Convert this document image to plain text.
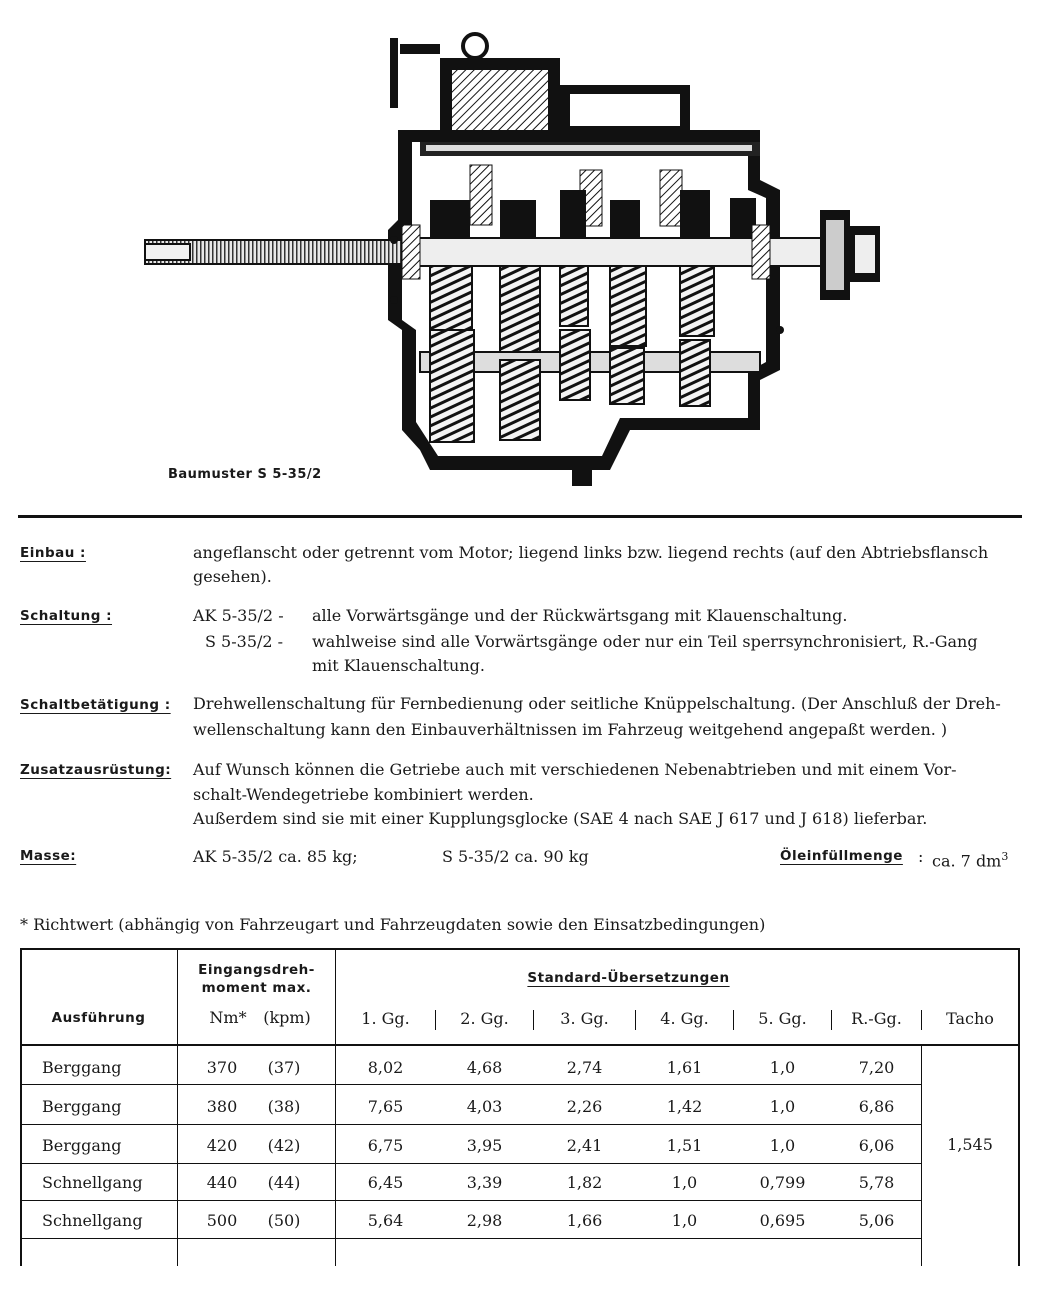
Baumuster S 5-35/2
Einbau :	angeflanscht oder getrennt vom Motor; liegend links bzw. liegend rechts (auf den Abtriebsflansch
gesehen).
Schaltung :	AK 5-35/2 - alle Vorwärtsgänge und der Rückwärtsgang mit Klauenschaltung.
S 5-35/2 - wahlweise sind alle Vorwärtsgänge oder nur ein Teil sperrsynchronisiert, R.-Gang
mit Klauenschaltung.
Schaltbetätigung : Drehwellenschaltung für Fernbedienung oder seitliche Knüppelschaltung. (Der Anschluß der Dreh-
wellenschaltung kann den Einbauverhältnissen im Fahrzeug weitgehend angepaßt werden. )
Zusatzausrüstung: Auf Wunsch können die Getriebe auch mit verschiedenen Nebenabtrieben und mit einem Vor-
schalt-Wendegetriebe kombiniert werden.
Außerdem sind sie mit einer Kupplungsglocke (SAE 4 nach SAE J 617 und J 618) lieferbar.
Masse:	AK 5-35/2 ca. 85 kg;	S 5-35/2 ca. 90 kg	Öleinfüllmenge : ca. 7 $dm^3$
* Richtwert (abhängig von Fahrzeugart und Fahrzeugdaten sowie den Einsatzbedingungen)
Ausführung
Eingangsdreh-
moment max.
Nm*	(kpm)
Standard-Übersetzungen
1. Gg.	2. Gg.	3. Gg.	4. Gg.	5. Gg.	R.-Gg.	Tacho
Berggang	370	(37)	8,02	4,68	2,74	1,61	1,0	7,20
Berggang	380	(38)	7,65	4,03	2,26	1,42	1,0	6,86
Berggang	420	(42)	6,75	3,95	2,41	1,51	1,0	6,06
Schnellgang	440	(44)	6,45	3,39	1,82	1,0	0,799	5,78
Schnellgang	500	(50)	5,64	2,98	1,66	1,0	0,695	5,06
1,545
